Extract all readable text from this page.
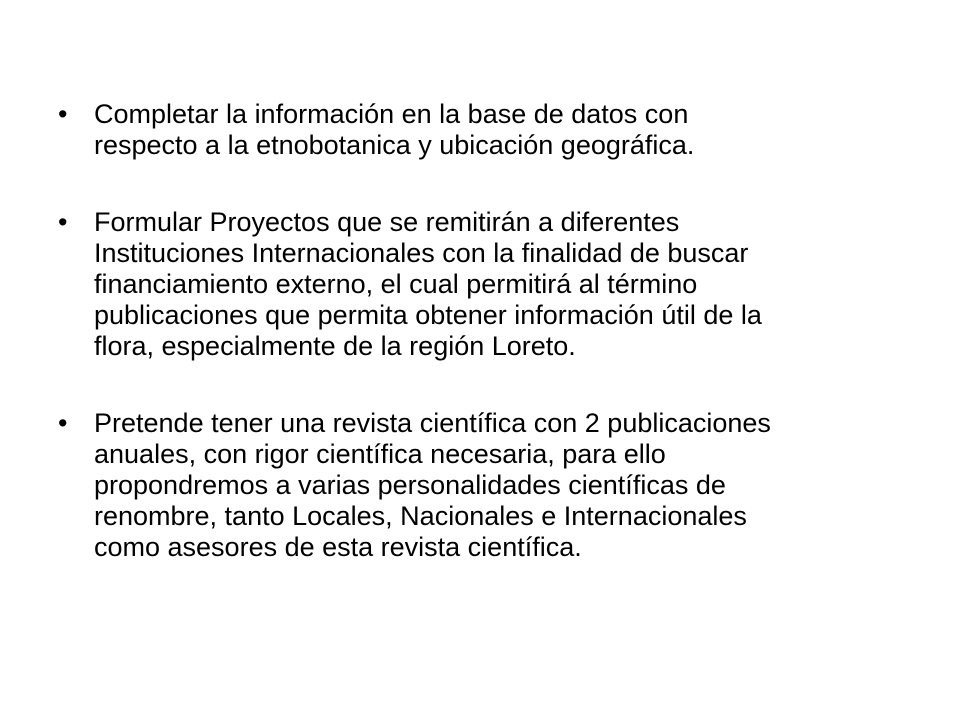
• Completar la información en la base de datos con
respecto a la etnobotanica y ubicación geográfica.
• Formular Proyectos que se remitirán a diferentes
Instituciones Internacionales con la finalidad de buscar
financiamiento externo, el cual permitirá al término
publicaciones que permita obtener información útil de la
flora, especialmente de la región Loreto.
• Pretende tener una revista científica con 2 publicaciones
anuales, con rigor científica necesaria, para ello
propondremos a varias personalidades científicas de
renombre, tanto Locales, Nacionales e Internacionales
como asesores de esta revista científica.
